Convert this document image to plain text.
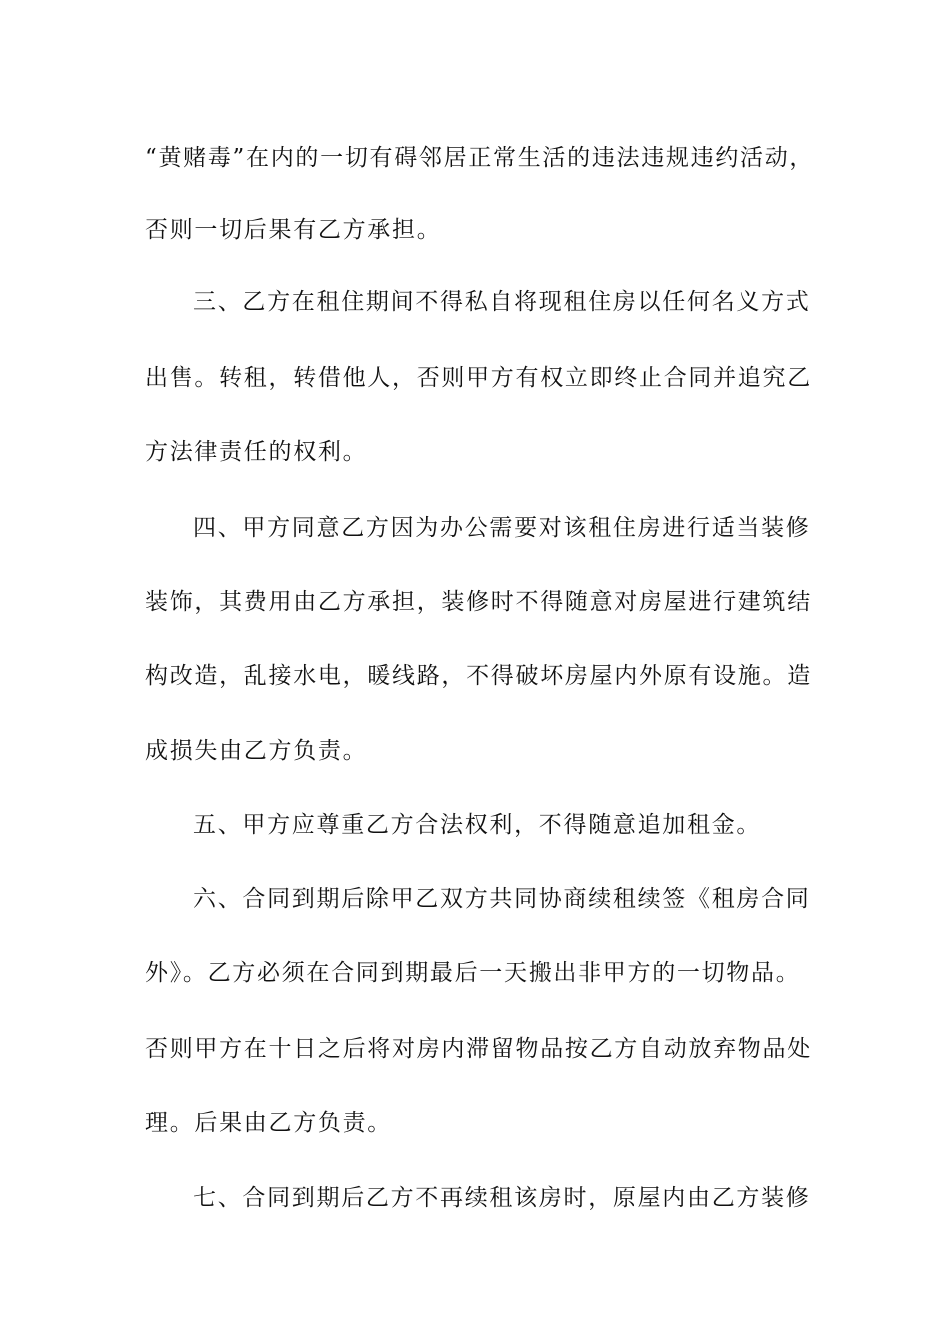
“黄赌毒”在内的一切有碍邻居正常生活的违法违规违约活动，
否则一切后果有乙方承担。
三、乙方在租住期间不得私自将现租住房以任何名义方式
出售。转租，转借他人，否则甲方有权立即终止合同并追究乙
方法律责任的权利。
四、甲方同意乙方因为办公需要对该租住房进行适当装修
装饰，其费用由乙方承担，装修时不得随意对房屋进行建筑结
构改造，乱接水电，暖线路，不得破坏房屋内外原有设施。造
成损失由乙方负责。
五、甲方应尊重乙方合法权利，不得随意追加租金。
六、合同到期后除甲乙双方共同协商续租续签《租房合同
外》。乙方必须在合同到期最后一天搬出非甲方的一切物品。
否则甲方在十日之后将对房内滞留物品按乙方自动放弃物品处
理。后果由乙方负责。
七、合同到期后乙方不再续租该房时，原屋内由乙方装修
